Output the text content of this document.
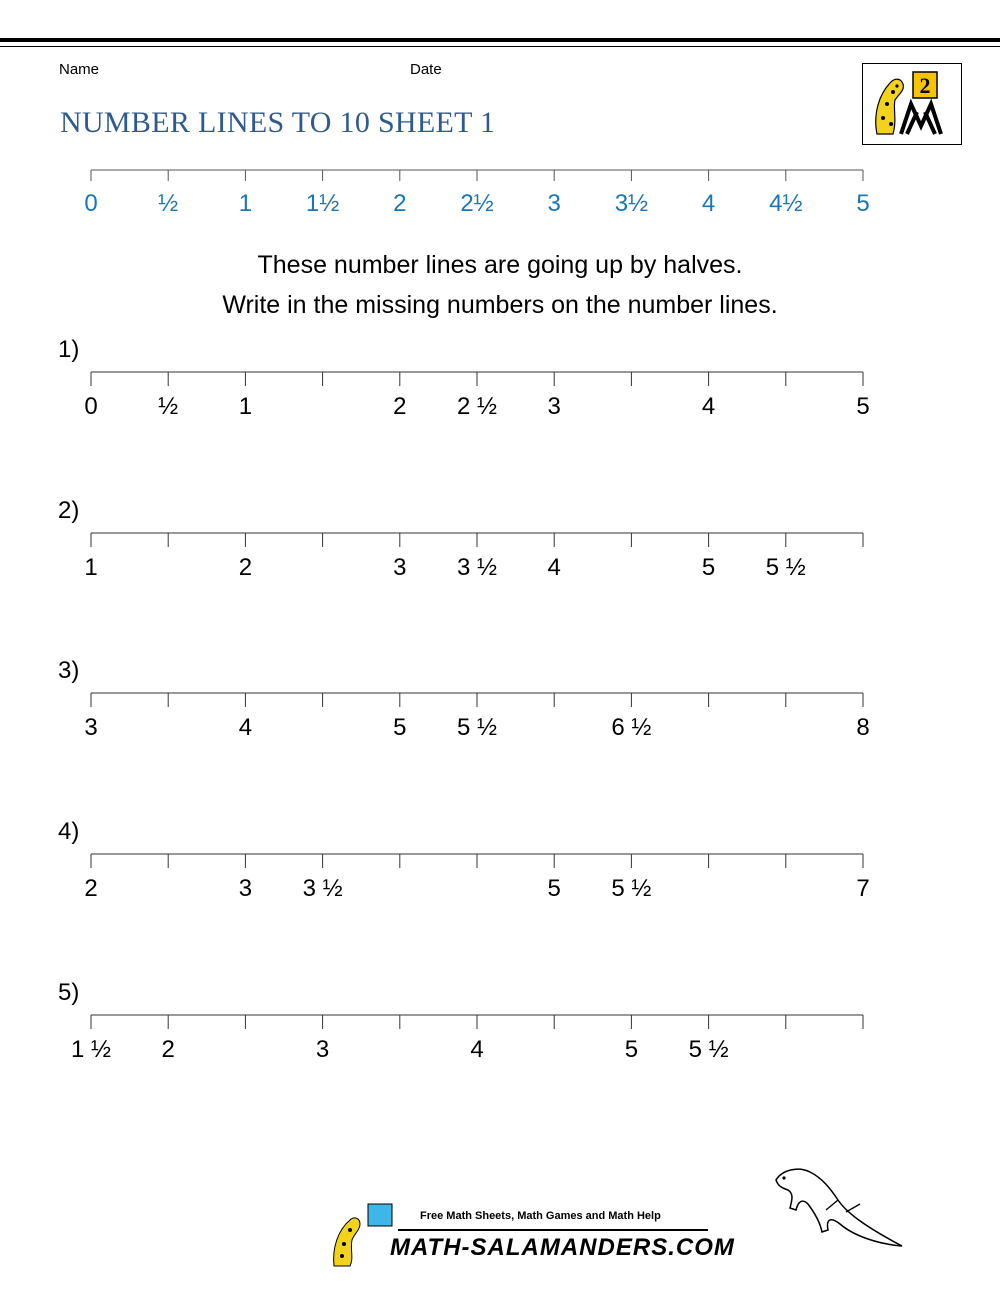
Name	Date
NUMBER LINES TO 10 SHEET 1
2
0	½	1 1½ 2 2½ 3 3½ 4 4½ 5
These number lines are going up by halves.
Write in the missing numbers on the number lines.
1)
0	½	1	2 2 ½ 3	4	5
2)
1	2	3 3 ½ 4	5 5 ½
3)
3	4	5 5 ½	6 ½	8
4)
2	3 3 ½	5 5 ½	7
5)
1 ½ 2	3	4	5 5 ½
Free Math Sheets, Math Games and Math Help
MATH-SALAMANDERS.COM
